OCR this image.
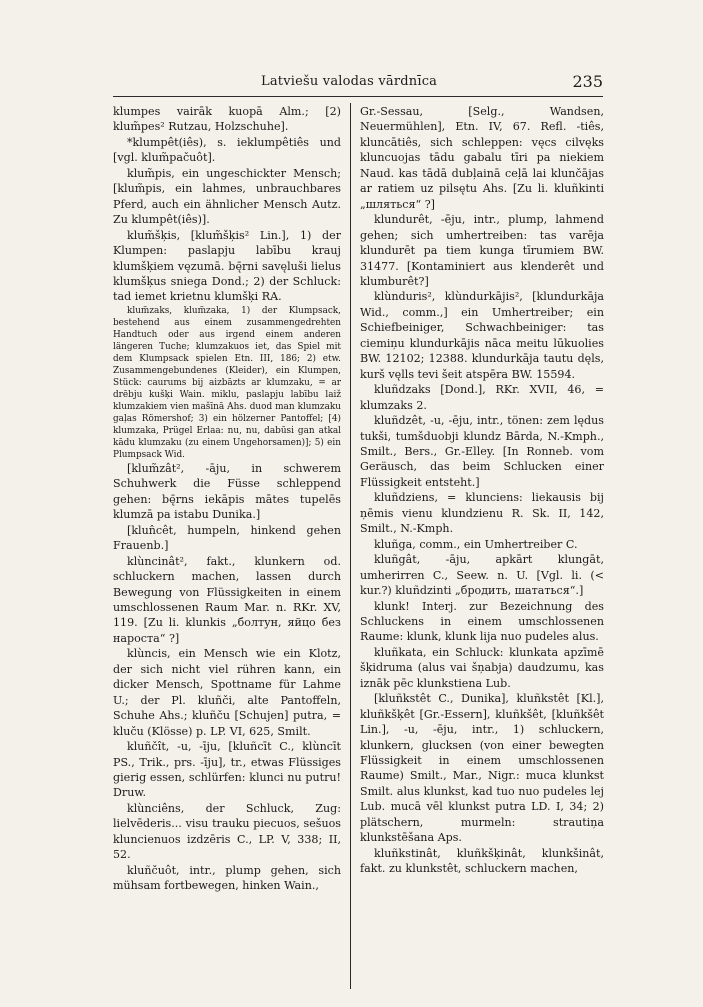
Latviešu valodas vārdnīca	235

klumpes vairāk kuopā Alm.; [2) klum̃pes² Rutzau, Holzschuhe].

*klumpêt(iês), s. ieklumpêtiês und [vgl. klum̃pačuôt].

klum̃pis, ein ungeschickter Mensch; [klum̃pis, ein lahmes, unbrauchbares Pferd, auch ein ähnlicher Mensch Autz. Zu klumpêt(iês)].

klum̃šķis, [klum̃šķis² Lin.], 1) der Klumpen: paslapju labību krauj klumšķiem vęzumā. bę̄rni savęluši lielus klumšķus sniega Dond.; 2) der Schluck: tad iemet krietnu klumšķi RA.

klum̃zaks, klum̃zaka, 1) der Klumpsack, bestehend aus einem zusammengedrehten Handtuch oder aus irgend einem anderen längeren Tuche; klumzakuos iet, das Spiel mit dem Klumpsack spielen Etn. III, 186; 2) etw. Zusammengebundenes (Kleider), ein Klumpen, Stück: caurums bij aizbāzts ar klumzaku, = ar drēbju kušķi Wain. miklu, paslapju labību laiž klumzakiem vien mašīnā Ahs. duod man klumzaku gaļas Römershof; 3) ein hölzerner Pantoffel; [4) klumzaka, Prügel Erlaa: nu, nu, dabūsi gan atkal kādu klumzaku (zu einem Ungehorsamen)]; 5) ein Plumpsack Wid.

[klum̃zât², -āju, in schwerem Schuhwerk die Füsse schleppend gehen: bę̄rns iekāpis mātes tupelēs klumzā pa istabu Dunika.]

[klun̂cêt, humpeln, hinkend gehen Frauenb.]

klùncinât², fakt., klunkern od. schluckern machen, lassen durch Bewegung von Flüssigkeiten in einem umschlossenen Raum Mar. n. RKr. XV, 119. [Zu li. klunkis „болтун, яйцо без нароста“ ?]

klùncis, ein Mensch wie ein Klotz, der sich nicht viel rühren kann, ein dicker Mensch, Spottname für Lahme U.; der Pl. kluñči, alte Pantoffeln, Schuhe Ahs.; kluñču [Schujen] putra, = kluču (Klösse) p. LP. VI, 625, Smilt.

kluñčît, -u, -īju, [kluñcīt C., klùncīt PS., Trik., prs. -īju], tr., etwas Flüssiges gierig essen, schlürfen: klunci nu putru! Druw.

klùnciêns, der Schluck, Zug: lielvēderis... visu trauku piecuos, sešuos kluncienuos izdzēris C., LP. V, 338; II, 52.

kluñčuôt, intr., plump gehen, sich mühsam fortbewegen, hinken Wain.,

Gr.-Sessau, [Selg., Wandsen, Neuermühlen], Etn. IV, 67. Refl. -tiês, kluncātiês, sich schleppen: vęcs cilvęks kluncuojas tādu gabalu tīri pa niekiem Naud. kas tādā dubļainā ceļā lai klunčājas ar ratiem uz pilsętu Ahs. [Zu li. kluñkinti „шляться“ ?]

klundurêt, -ēju, intr., plump, lahmend gehen; sich umhertreiben: tas varēja klundurēt pa tiem kunga tīrumiem BW. 31477. [Kontaminiert aus klenderêt und klumburêt?]

klùnduris², klùndurkājis², [klundurkāja Wid., comm.,] ein Umhertreiber; ein Schiefbeiniger, Schwachbeiniger: tas ciemiņu klundurkājis nāca meitu lūkuolies BW. 12102; 12388. klundurkāja tautu dęls, kurš vęlls tevi šeit atspēra BW. 15594.

kluñdzaks [Dond.], RKr. XVII, 46, = klumzaks 2.

kluñdzêt, -u, -ēju, intr., tönen: zem lędus tukši, tumšduobji klundz Bārda, N.-Kmph., Smilt., Bers., Gr.-Elley. [In Ronneb. vom Geräusch, das beim Schlucken einer Flüssigkeit entsteht.]

kluñdziens, = klunciens: liekausis bij ņēmis vienu klundzienu R. Sk. II, 142, Smilt., N.-Kmph.

kluñga, comm., ein Umhertreiber C.

kluñgât, -āju, apkārt klungāt, umherirren C., Seew. n. U. [Vgl. li. (< kur.?) kluñdzinti „бродить, шататься“.]

klunk! Interj. zur Bezeichnung des Schluckens in einem umschlossenen Raume: klunk, klunk lija nuo pudeles alus.

kluñkata, ein Schluck: klunkata apzīmē šķidruma (alus vai šņabja) daudzumu, kas iznāk pēc klunkstiena Lub.

[kluñkstêt C., Dunika], kluñkstêt [Kl.], kluñkšķêt [Gr.-Essern], kluñkšêt, [kluñkšêt Lin.], -u, -ēju, intr., 1) schluckern, klunkern, glucksen (von einer bewegten Flüssigkeit in einem umschlossenen Raume) Smilt., Mar., Nigr.: muca klunkst Smilt. alus klunkst, kad tuo nuo pudeles lej Lub. mucā vēl klunkst putra LD. I, 34; 2) plätschern, murmeln: strautiņa klunkstēšana Aps.

kluñkstinât, kluñkšķinât, klunkšinât, fakt. zu klunkstêt, schluckern machen,
